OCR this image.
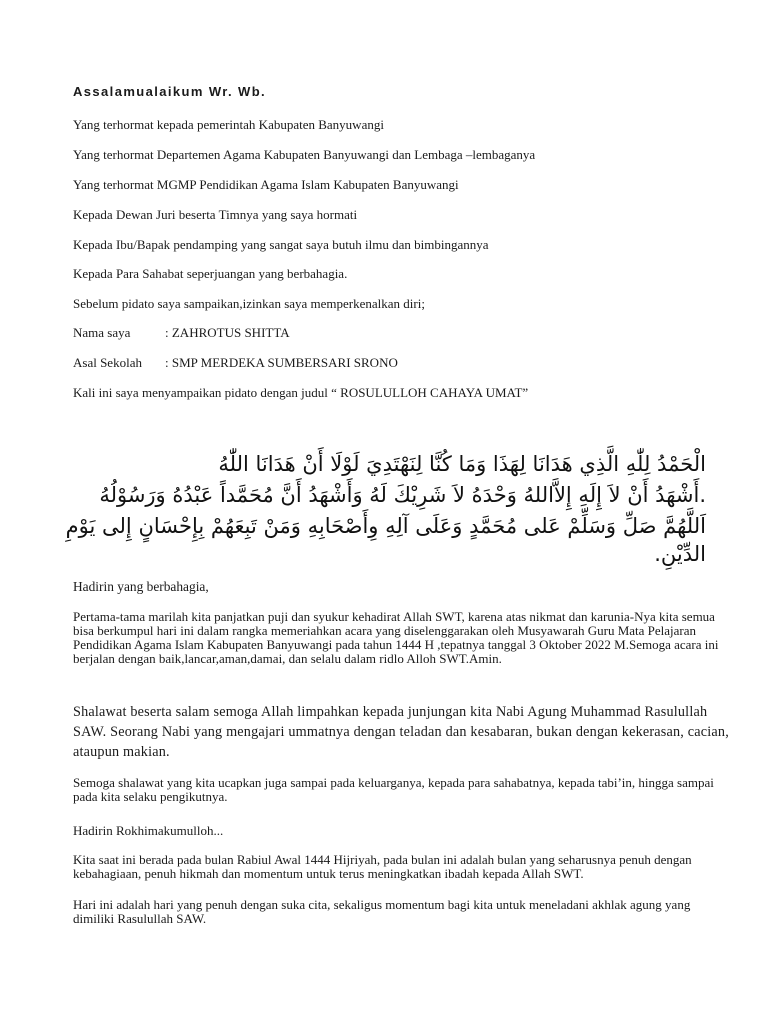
Assalamualaikum Wr. Wb.
Yang terhormat kepada pemerintah Kabupaten Banyuwangi
Yang terhormat Departemen Agama Kabupaten Banyuwangi dan Lembaga –lembaganya
Yang terhormat MGMP Pendidikan Agama Islam Kabupaten Banyuwangi
Kepada Dewan Juri beserta Timnya yang saya hormati
Kepada Ibu/Bapak pendamping yang sangat saya butuh ilmu dan bimbingannya
Kepada Para Sahabat seperjuangan yang berbahagia.
Sebelum pidato saya sampaikan,izinkan saya memperkenalkan diri;
Nama saya	: ZAHROTUS SHITTA
Asal Sekolah : SMP MERDEKA SUMBERSARI SRONO
Kali ini saya menyampaikan pidato dengan judul “ ROSULULLOH CAHAYA UMAT”
الْحَمْدُ لِلّٰهِ الَّذِي هَدَانَا لِهَذَا وَمَا كُنَّا لِنَهْتَدِيَ لَوْلَا أَنْ هَدَانَا اللّٰهُ
.أَشْهَدُ أَنْ لاَ إِلَهِ إِلاَّاللهُ وَحْدَهُ لاَ شَرِيْكَ لَهُ وَأَشْهَدُ أَنَّ مُحَمَّداً عَبْدُهُ وَرَسُوْلُهُ
اَللَّهُمَّ صَلِّ وَسَلِّمْ عَلى مُحَمَّدٍ وَعَلَى آلِهِ وِأَصْحَابِهِ وَمَنْ تَبِعَهُمْ بِإِحْسَانٍ إِلى يَوْمِ
الدِّيْنِ.
Hadirin yang berbahagia,
Pertama-tama marilah kita panjatkan puji dan syukur kehadirat Allah SWT, karena atas nikmat dan karunia-Nya kita semua bisa berkumpul hari ini dalam rangka memeriahkan acara yang diselenggarakan oleh Musyawarah Guru Mata Pelajaran Pendidikan Agama Islam Kabupaten Banyuwangi pada tahun 1444 H ,tepatnya tanggal 3 Oktober 2022 M.Semoga acara ini berjalan dengan baik,lancar,aman,damai, dan selalu dalam ridlo Alloh SWT.Amin.
Shalawat beserta salam semoga Allah limpahkan kepada junjungan kita Nabi Agung Muhammad Rasulullah SAW. Seorang Nabi yang mengajari ummatnya dengan teladan dan kesabaran, bukan dengan kekerasan, cacian, ataupun makian.
Semoga shalawat yang kita ucapkan juga sampai pada keluarganya, kepada para sahabatnya, kepada tabi’in, hingga sampai pada kita selaku pengikutnya.
Hadirin Rokhimakumulloh...
Kita saat ini berada pada bulan Rabiul Awal 1444 Hijriyah, pada bulan ini adalah bulan yang seharusnya penuh dengan kebahagiaan, penuh hikmah dan momentum untuk terus meningkatkan ibadah kepada Allah SWT.
Hari ini adalah hari yang penuh dengan suka cita, sekaligus momentum bagi kita untuk meneladani akhlak agung yang dimiliki Rasulullah SAW.
